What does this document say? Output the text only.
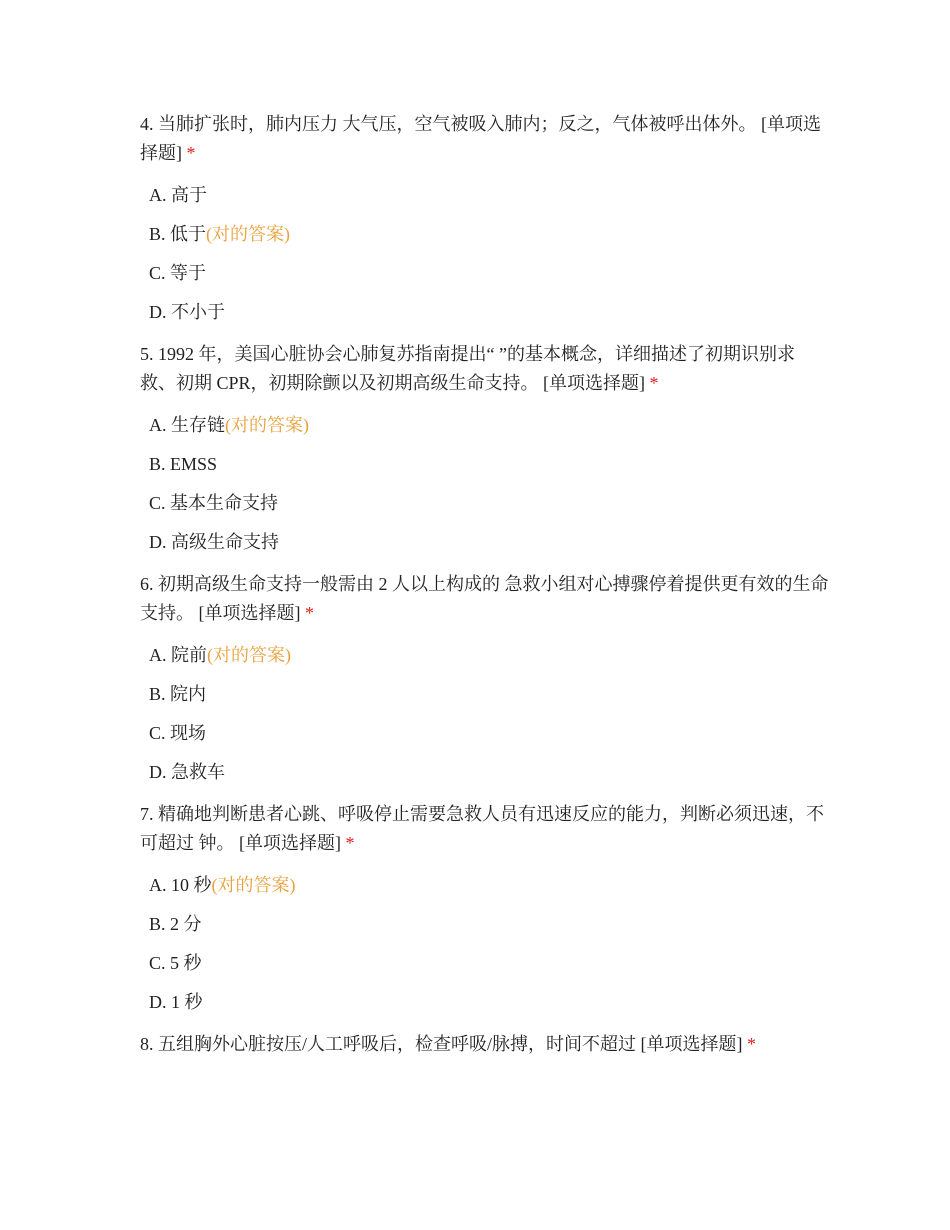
4. 当肺扩张时，肺内压力 大气压，空气被吸入肺内；反之，气体被呼出体外。 [单项选择题] *
A. 高于
B. 低于(对的答案)
C. 等于
D. 不小于
5. 1992 年，美国心脏协会心肺复苏指南提出“ ”的基本概念，详细描述了初期识别求救、初期 CPR，初期除颤以及初期高级生命支持。 [单项选择题] *
A. 生存链(对的答案)
B. EMSS
C. 基本生命支持
D. 高级生命支持
6. 初期高级生命支持一般需由 2 人以上构成的 急救小组对心搏骤停着提供更有效的生命支持。 [单项选择题] *
A. 院前(对的答案)
B. 院内
C. 现场
D. 急救车
7. 精确地判断患者心跳、呼吸停止需要急救人员有迅速反应的能力，判断必须迅速，不可超过 钟。 [单项选择题] *
A. 10 秒(对的答案)
B. 2 分
C. 5 秒
D. 1 秒
8. 五组胸外心脏按压/人工呼吸后，检查呼吸/脉搏，时间不超过 [单项选择题] *
